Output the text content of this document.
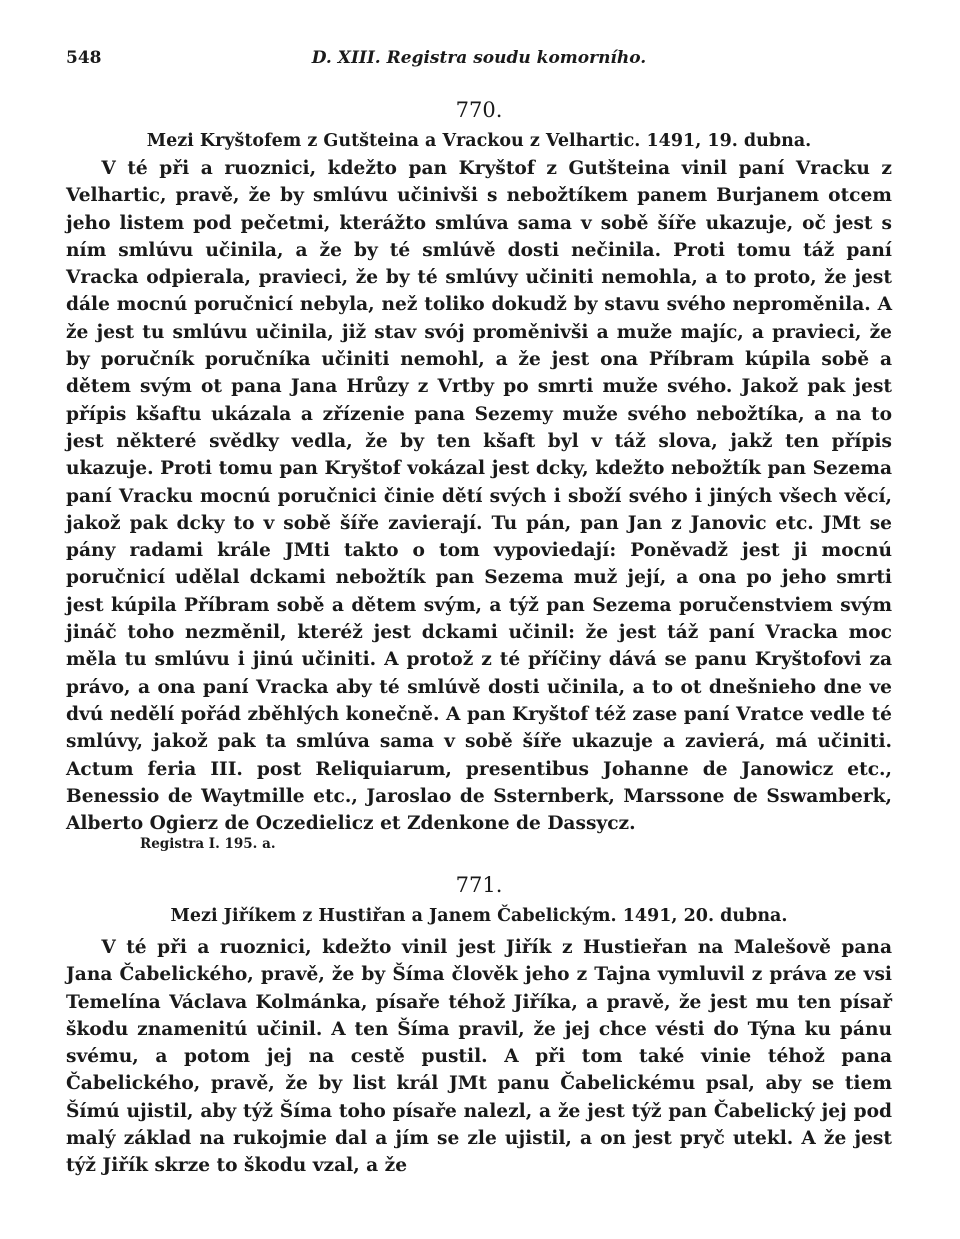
548	D. XIII. Registra soudu komorního.
770.
Mezi Kryštofem z Gutšteina a Vrackou z Velhartic. 1491, 19. dubna.

V té při a ruoznici, kdežto pan Kryštof z Gutšteina vinil paní Vracku z Velhartic, pravě, že by smlúvu učinivši s nebožtíkem panem Burjanem otcem jeho listem pod pečetmi, kterážto smlúva sama v sobě šíře ukazuje, oč jest s ním smlúvu učinila, a že by té smlúvě dosti nečinila. Proti tomu táž paní Vracka odpierala, pravieci, že by té smlúvy učiniti nemohla, a to proto, že jest dále mocnú poručnicí nebyla, než toliko dokudž by stavu svého neproměnila. A že jest tu smlúvu učinila, již stav svój proměnivši a muže majíc, a pravieci, že by poručník poručníka učiniti nemohl, a že jest ona Příbram kúpila sobě a dětem svým ot pana Jana Hrůzy z Vrtby po smrti muže svého. Jakož pak jest přípis kšaftu ukázala a zřízenie pana Sezemy muže svého nebožtíka, a na to jest některé svědky vedla, že by ten kšaft byl v táž slova, jakž ten přípis ukazuje. Proti tomu pan Kryštof vokázal jest dcky, kdežto nebožtík pan Sezema paní Vracku mocnú poručnici činie dětí svých i sboží svého i jiných všech věcí, jakož pak dcky to v sobě šíře zavierají. Tu pán, pan Jan z Janovic etc. JMt se pány radami krále JMti takto o tom vypoviedají: Poněvadž jest ji mocnú poručnicí udělal dckami nebožtík pan Sezema muž její, a ona po jeho smrti jest kúpila Příbram sobě a dětem svým, a týž pan Sezema poručenstviem svým jináč toho nezměnil, kteréž jest dckami učinil: že jest táž paní Vracka moc měla tu smlúvu i jinú učiniti. A protož z té příčiny dává se panu Kryštofovi za právo, a ona paní Vracka aby té smlúvě dosti učinila, a to ot dnešnieho dne ve dvú nedělí pořád zběhlých konečně. A pan Kryštof též zase paní Vratce vedle té smlúvy, jakož pak ta smlúva sama v sobě šíře ukazuje a zavierá, má učiniti. Actum feria III. post Reliquiarum, presentibus Johanne de Janowicz etc., Benessio de Waytmille etc., Jaroslao de Ssternberk, Marssone de Sswamberk, Alberto Ogierz de Oczedielicz et Zdenkone de Dassycz.

Registra I. 195. a.
771.
Mezi Jiříkem z Hustiřan a Janem Čabelickým. 1491, 20. dubna.

V té při a ruoznici, kdežto vinil jest Jiřík z Hustieřan na Malešově pana Jana Čabelického, pravě, že by Šíma člověk jeho z Tajna vymluvil z práva ze vsi Temelína Václava Kolmánka, písaře téhož Jiříka, a pravě, že jest mu ten písař škodu znamenitú učinil. A ten Šíma pravil, že jej chce vésti do Týna ku pánu svému, a potom jej na cestě pustil. A při tom také vinie téhož pana Čabelického, pravě, že by list král JMt panu Čabelickému psal, aby se tiem Šímú ujistil, aby týž Šíma toho písaře nalezl, a že jest týž pan Čabelický jej pod malý základ na rukojmie dal a jím se zle ujistil, a on jest pryč utekl. A že jest týž Jiřík skrze to škodu vzal, a že
